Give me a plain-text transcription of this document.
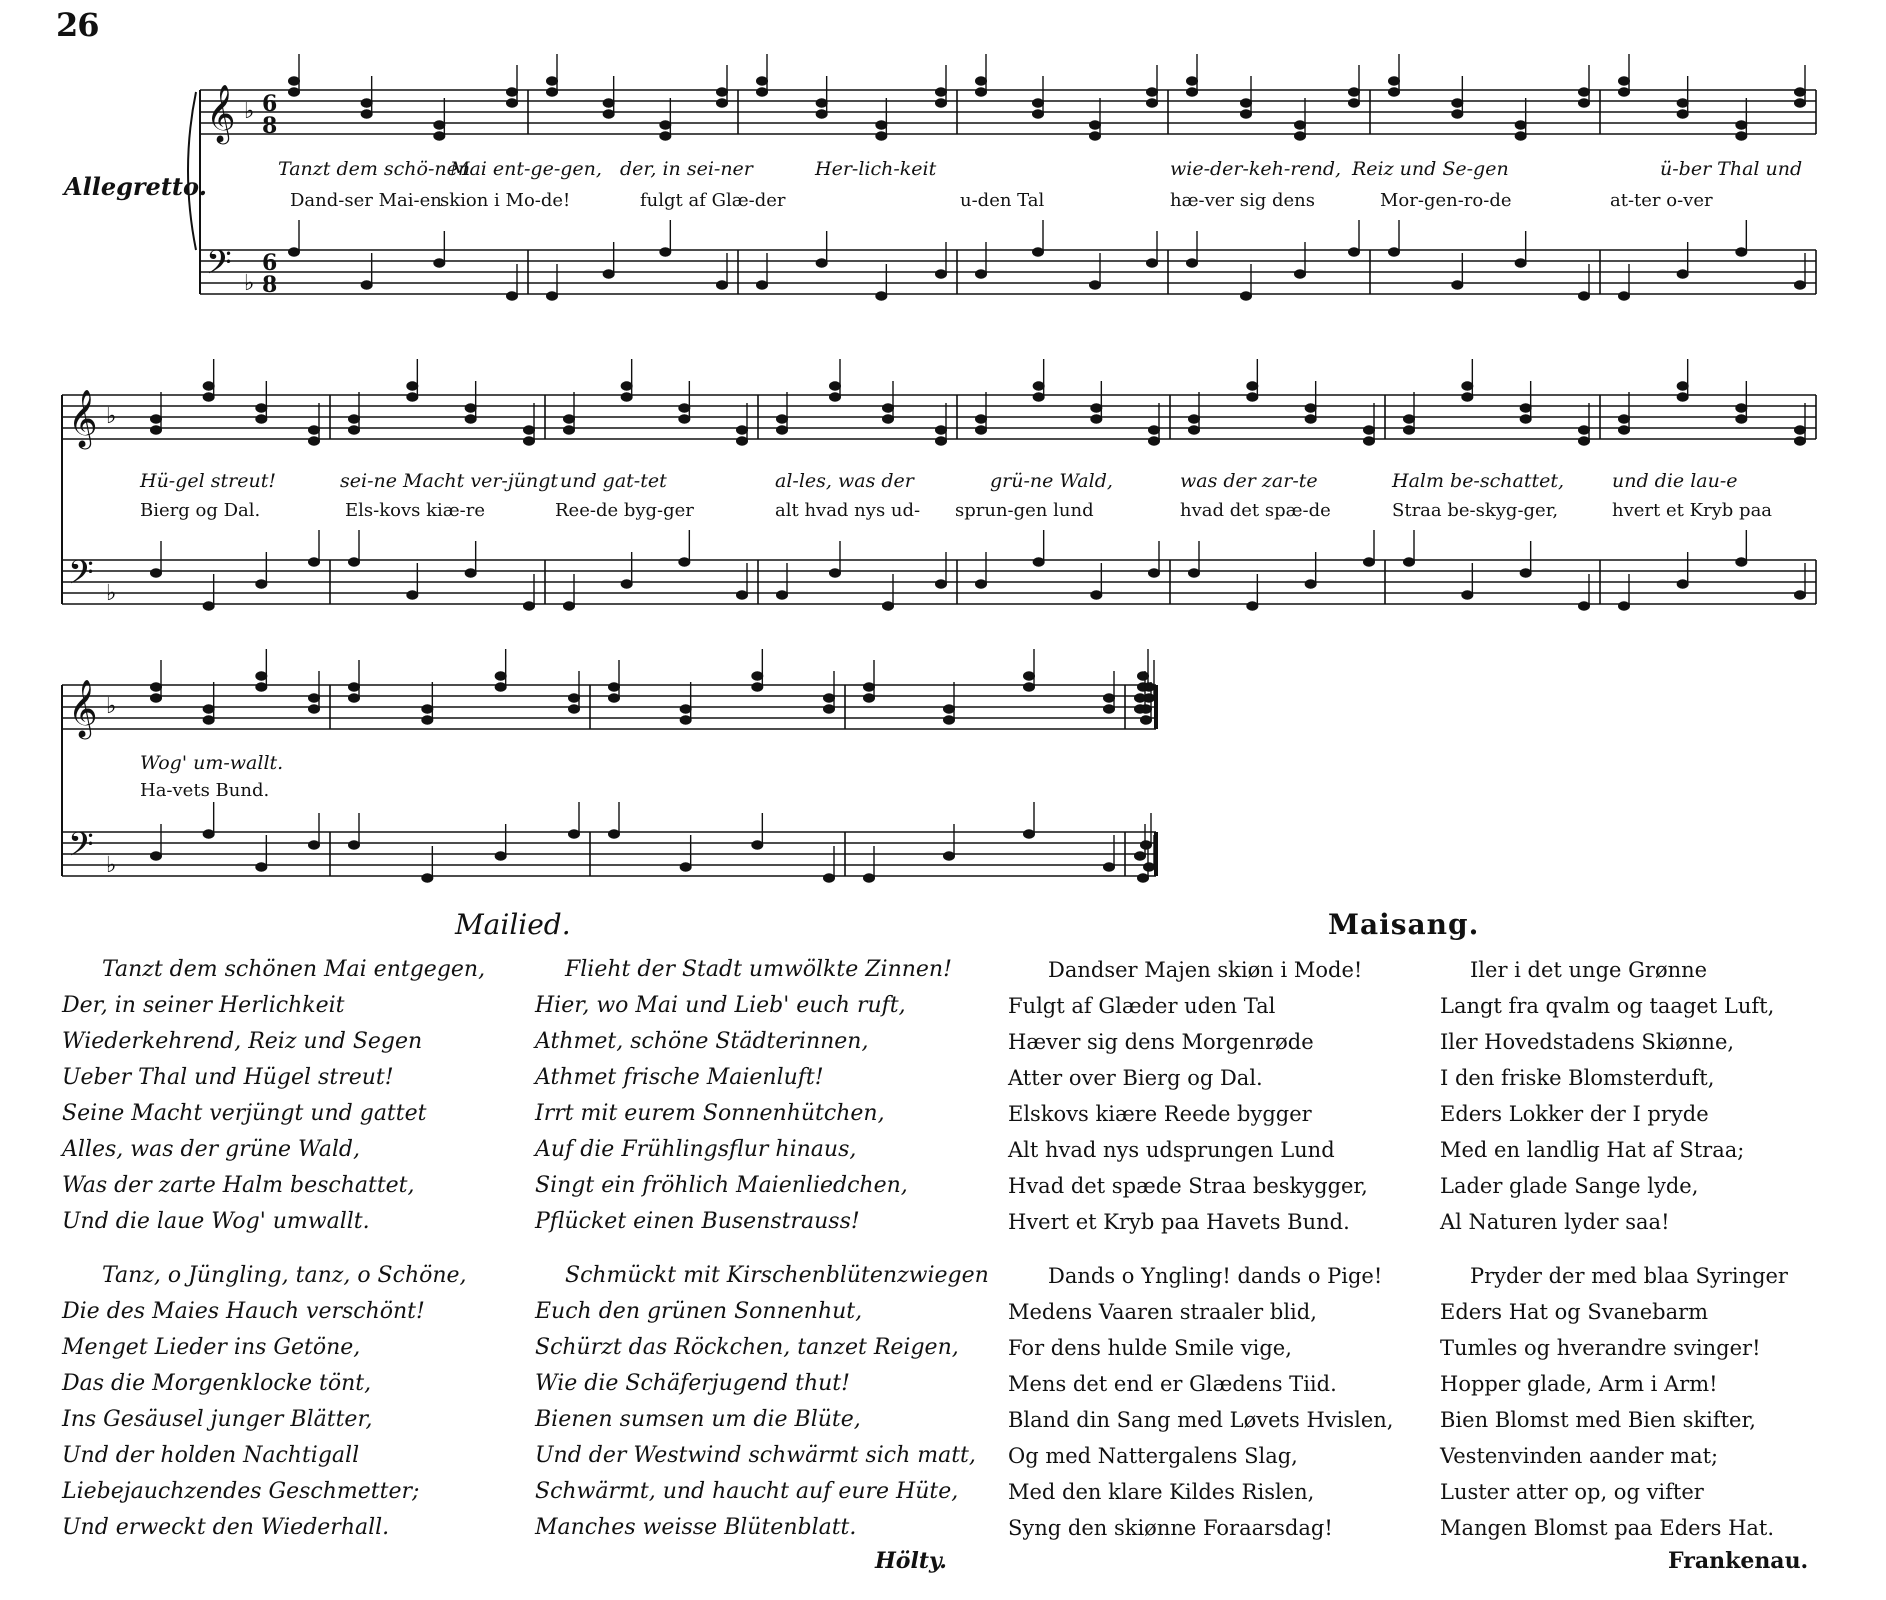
26
Allegretto.
𝄞
𝄢
♭
♭
𝄞
𝄢
♭
♭
𝄞
𝄢
♭
♭
6
8
6
8
Tanzt dem schö-nen
Mai ent-ge-gen, der, in sei-ner	Her-lich-keit	wie-der-keh-rend, Reiz und Se-gen	ü-ber Thal und
Dand-ser Mai-en
skion i Mo-de!	fulgt af Glæ-der	u-den Tal	hæ-ver sig dens	Mor-gen-ro-de	at-ter o-ver
Hü-gel streut!	sei-ne Macht ver-jüngt und gat-tet	al-les, was der	grü-ne Wald,	was der zar-te	Halm be-schattet,	und die lau-e
Bierg og Dal.	Els-kovs kiæ-re	Ree-de byg-ger	alt hvad nys ud- sprun-gen lund	hvad det spæ-de	Straa be-skyg-ger,	hvert et Kryb paa
Wog' um-wallt.
Ha-vets Bund.
Mailied.	Maisang.
Tanzt dem schönen Mai entgegen,
Der, in seiner Herlichkeit
Wiederkehrend, Reiz und Segen
Ueber Thal und Hügel streut!
Seine Macht verjüngt und gattet
Alles, was der grüne Wald,
Was der zarte Halm beschattet,
Und die laue Wog' umwallt.
Flieht der Stadt umwölkte Zinnen!
Hier, wo Mai und Lieb' euch ruft,
Athmet, schöne Städterinnen,
Athmet frische Maienluft!
Irrt mit eurem Sonnenhütchen,
Auf die Frühlingsflur hinaus,
Singt ein fröhlich Maienliedchen,
Pflücket einen Busenstrauss!
Tanz, o Jüngling, tanz, o Schöne,
Die des Maies Hauch verschönt!
Menget Lieder ins Getöne,
Das die Morgenklocke tönt,
Ins Gesäusel junger Blätter,
Und der holden Nachtigall
Liebejauchzendes Geschmetter;
Und erweckt den Wiederhall.
Schmückt mit Kirschenblütenzwiegen
Euch den grünen Sonnenhut,
Schürzt das Röckchen, tanzet Reigen,
Wie die Schäferjugend thut!
Bienen sumsen um die Blüte,
Und der Westwind schwärmt sich matt,
Schwärmt, und haucht auf eure Hüte,
Manches weisse Blütenblatt.
Hölty.
Dandser Majen skiøn i Mode!
Fulgt af Glæder uden Tal
Hæver sig dens Morgenrøde
Atter over Bierg og Dal.
Elskovs kiære Reede bygger
Alt hvad nys udsprungen Lund
Hvad det spæde Straa beskygger,
Hvert et Kryb paa Havets Bund.
Iler i det unge Grønne
Langt fra qvalm og taaget Luft,
Iler Hovedstadens Skiønne,
I den friske Blomsterduft,
Eders Lokker der I pryde
Med en landlig Hat af Straa;
Lader glade Sange lyde,
Al Naturen lyder saa!
Dands o Yngling! dands o Pige!
Medens Vaaren straaler blid,
For dens hulde Smile vige,
Mens det end er Glædens Tiid.
Bland din Sang med Løvets Hvislen,
Og med Nattergalens Slag,
Med den klare Kildes Rislen,
Syng den skiønne Foraarsdag!
Pryder der med blaa Syringer
Eders Hat og Svanebarm
Tumles og hverandre svinger!
Hopper glade, Arm i Arm!
Bien Blomst med Bien skifter,
Vestenvinden aander mat;
Luster atter op, og vifter
Mangen Blomst paa Eders Hat.
Frankenau.
